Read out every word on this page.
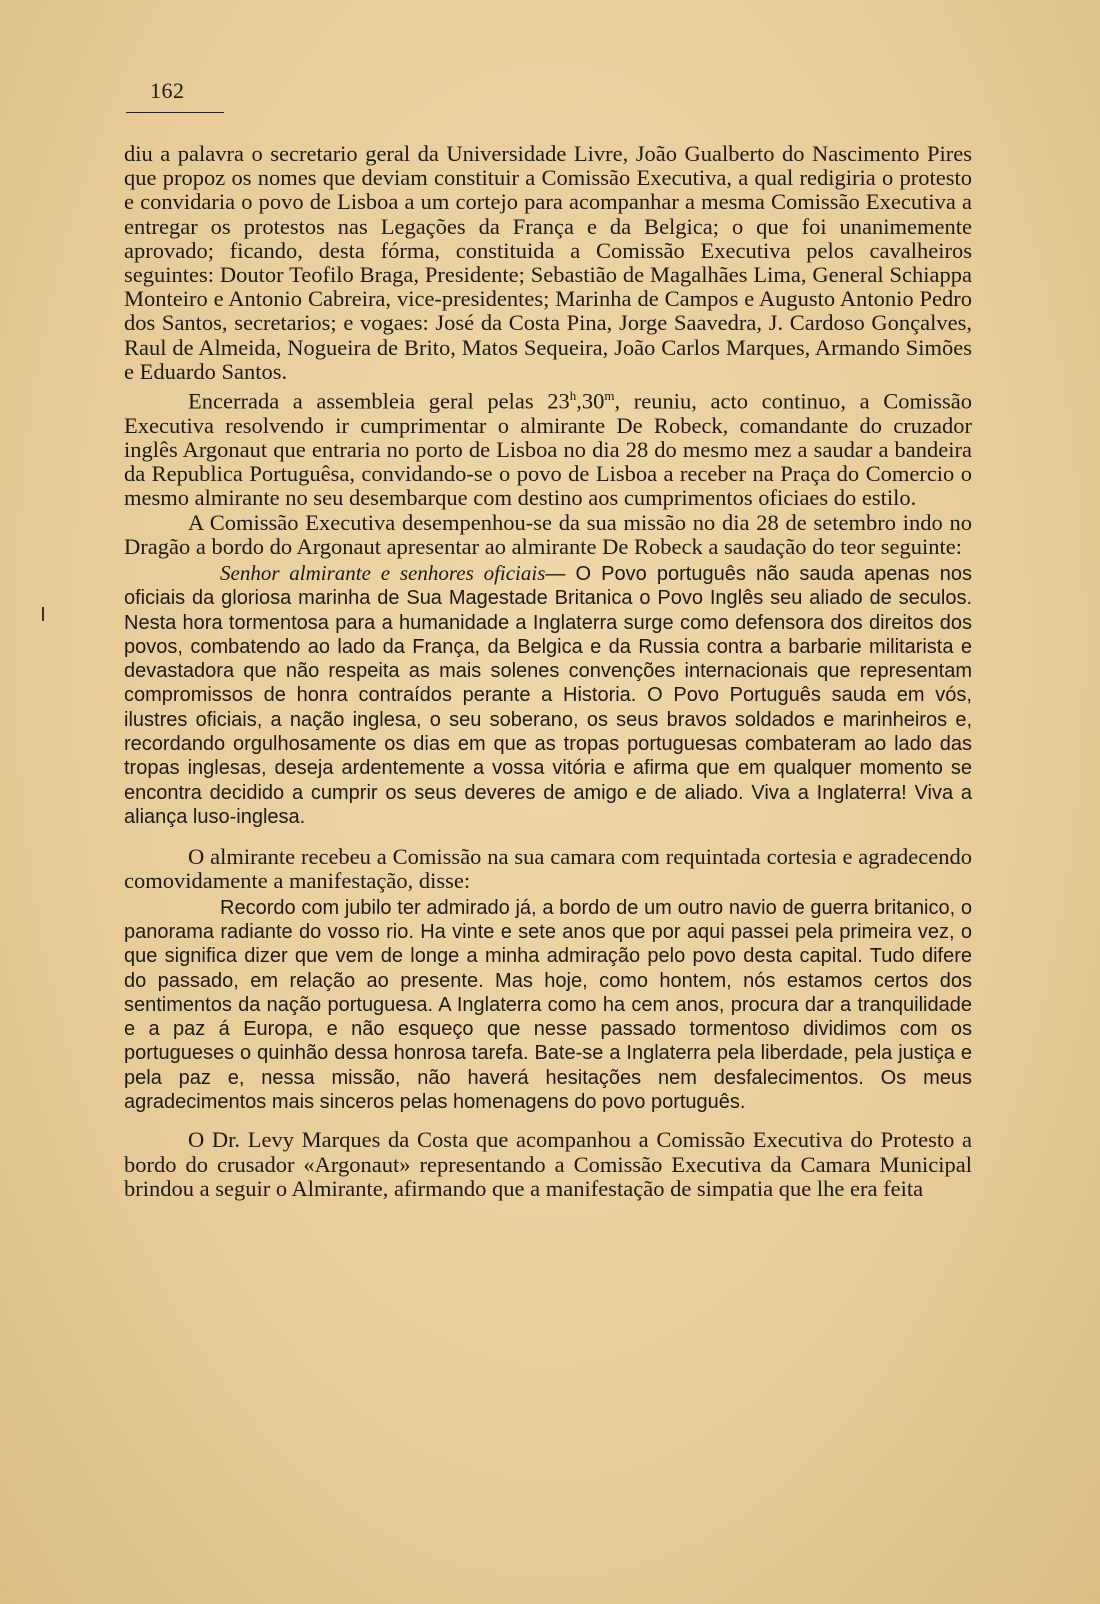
162

diu a palavra o secretario geral da Universidade Livre, João Gualberto do Nascimento Pires que propoz os nomes que deviam constituir a Comissão Executiva, a qual redigiria o protesto e convidaria o povo de Lisboa a um cortejo para acompanhar a mesma Comissão Executiva a entregar os protestos nas Legações da França e da Belgica; o que foi unanimemente aprovado; ficando, desta fórma, constituida a Comissão Executiva pelos cavalheiros seguintes: Doutor Teofilo Braga, Presidente; Sebastião de Magalhães Lima, General Schiappa Monteiro e Antonio Cabreira, vice-presidentes; Marinha de Campos e Augusto Antonio Pedro dos Santos, secretarios; e vogaes: José da Costa Pina, Jorge Saavedra, J. Cardoso Gonçalves, Raul de Almeida, Nogueira de Brito, Matos Sequeira, João Carlos Marques, Armando Simões e Eduardo Santos.

Encerrada a assembleia geral pelas 23$^h$,30$^m$, reuniu, acto continuo, a Comissão Executiva resolvendo ir cumprimentar o almirante De Robeck, comandante do cruzador inglês Argonaut que entraria no porto de Lisboa no dia 28 do mesmo mez a saudar a bandeira da Republica Portuguêsa, convidando-se o povo de Lisboa a receber na Praça do Comercio o mesmo almirante no seu desembarque com destino aos cumprimentos oficiaes do estilo.

A Comissão Executiva desempenhou-se da sua missão no dia 28 de setembro indo no Dragão a bordo do Argonaut apresentar ao almirante De Robeck a saudação do teor seguinte:

Senhor almirante e senhores oficiais— O Povo português não sauda apenas nos oficiais da gloriosa marinha de Sua Magestade Britanica o Povo Inglês seu aliado de seculos. Nesta hora tormentosa para a humanidade a Inglaterra surge como defensora dos direitos dos povos, combatendo ao lado da França, da Belgica e da Russia contra a barbarie militarista e devastadora que não respeita as mais solenes convenções internacionais que representam compromissos de honra contraídos perante a Historia. O Povo Português sauda em vós, ilustres oficiais, a nação inglesa, o seu soberano, os seus bravos soldados e marinheiros e, recordando orgulhosamente os dias em que as tropas portuguesas combateram ao lado das tropas inglesas, deseja ardentemente a vossa vitória e afirma que em qualquer momento se encontra decidido a cumprir os seus deveres de amigo e de aliado. Viva a Inglaterra! Viva a aliança luso-inglesa.

O almirante recebeu a Comissão na sua camara com requintada cortesia e agradecendo comovidamente a manifestação, disse:

Recordo com jubilo ter admirado já, a bordo de um outro navio de guerra britanico, o panorama radiante do vosso rio. Ha vinte e sete anos que por aqui passei pela primeira vez, o que significa dizer que vem de longe a minha admiração pelo povo desta capital. Tudo difere do passado, em relação ao presente. Mas hoje, como hontem, nós estamos certos dos sentimentos da nação portuguesa. A Inglaterra como ha cem anos, procura dar a tranquilidade e a paz á Europa, e não esqueço que nesse passado tormentoso dividimos com os portugueses o quinhão dessa honrosa tarefa. Bate-se a Inglaterra pela liberdade, pela justiça e pela paz e, nessa missão, não haverá hesitações nem desfalecimentos. Os meus agradecimentos mais sinceros pelas homenagens do povo português.

O Dr. Levy Marques da Costa que acompanhou a Comissão Executiva do Protesto a bordo do crusador «Argonaut» representando a Comissão Executiva da Camara Municipal brindou a seguir o Almirante, afirmando que a manifestação de simpatia que lhe era feita
